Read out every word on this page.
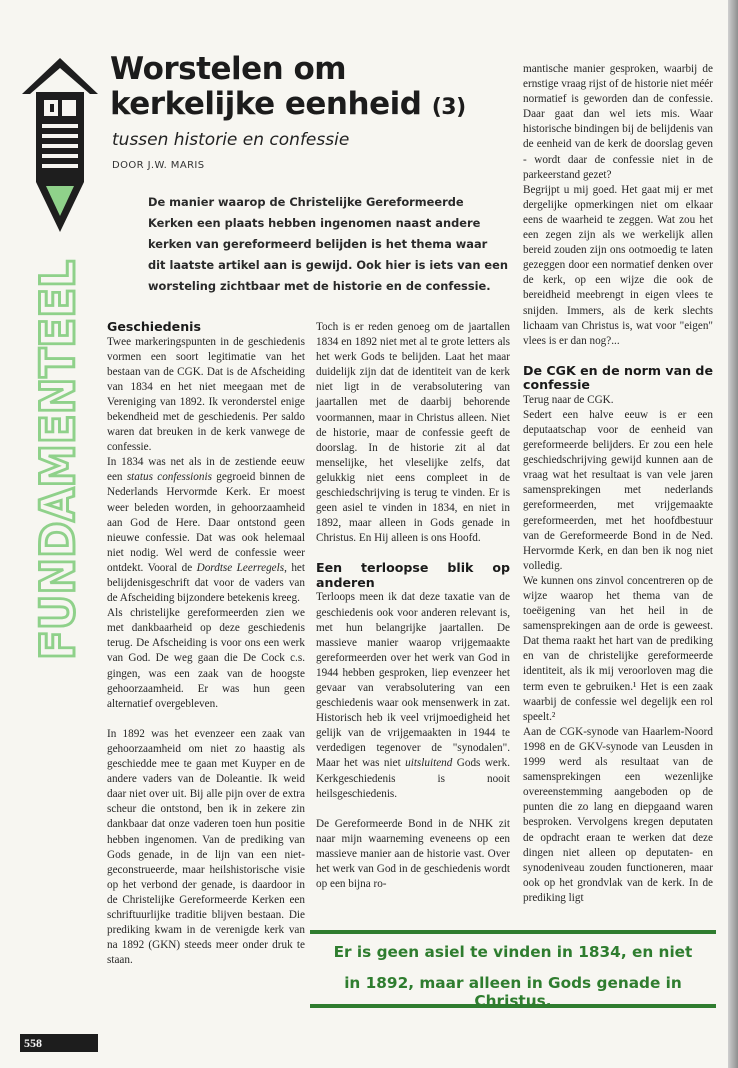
FUNDAMENTEEL
Worstelen om kerkelijke eenheid (3)
tussen historie en confessie
DOOR J.W. MARIS
De manier waarop de Christelijke Gereformeerde Kerken een plaats hebben ingenomen naast andere kerken van gereformeerd belijden is het thema waar dit laatste artikel aan is gewijd. Ook hier is iets van een worsteling zichtbaar met de historie en de confessie.
Geschiedenis

Twee markeringspunten in de geschiedenis vormen een soort legitimatie van het bestaan van de CGK. Dat is de Afscheiding van 1834 en het niet meegaan met de Vereniging van 1892. Ik veronderstel enige bekendheid met de geschiedenis. Per saldo waren dat breuken in de kerk vanwege de confessie.

In 1834 was net als in de zestiende eeuw een status confessionis gegroeid binnen de Nederlands Hervormde Kerk. Er moest weer beleden worden, in gehoorzaamheid aan God de Here. Daar ontstond geen nieuwe confessie. Dat was ook helemaal niet nodig. Wel werd de confessie weer ontdekt. Vooral de Dordtse Leerregels, het belijdenisgeschrift dat voor de vaders van de Afscheiding bijzondere betekenis kreeg.

Als christelijke gereformeerden zien we met dankbaarheid op deze geschiedenis terug. De Afscheiding is voor ons een werk van God. De weg gaan die De Cock c.s. gingen, was een zaak van de hoogste gehoorzaamheid. Er was hun geen alternatief overgebleven.

In 1892 was het evenzeer een zaak van gehoorzaamheid om niet zo haastig als geschiedde mee te gaan met Kuyper en de andere vaders van de Doleantie. Ik weid daar niet over uit. Bij alle pijn over de extra scheur die ontstond, ben ik in zekere zin dankbaar dat onze vaderen toen hun positie hebben ingenomen. Van de prediking van Gods genade, in de lijn van een niet-geconstrueerde, maar heilshistorische visie op het verbond der genade, is daardoor in de Christelijke Gereformeerde Kerken een schriftuurlijke traditie blijven bestaan. Die prediking kwam in de verenigde kerk van na 1892 (GKN) steeds meer onder druk te staan.

Toch is er reden genoeg om de jaartallen 1834 en 1892 niet met al te grote letters als het werk Gods te belijden. Laat het maar duidelijk zijn dat de identiteit van de kerk niet ligt in de verabsolutering van jaartallen met de daarbij behorende voormannen, maar in Christus alleen. Niet de historie, maar de confessie geeft de doorslag. In de historie zit al dat menselijke, het vleselijke zelfs, dat gelukkig niet eens compleet in de geschiedschrijving is terug te vinden. Er is geen asiel te vinden in 1834, en niet in 1892, maar alleen in Gods genade in Christus. En Hij alleen is ons Hoofd.

Een terloopse blik op anderen

Terloops meen ik dat deze taxatie van de geschiedenis ook voor anderen relevant is, met hun belangrijke jaartallen. De massieve manier waarop vrijgemaakte gereformeerden over het werk van God in 1944 hebben gesproken, liep evenzeer het gevaar van verabsolutering van een geschiedenis waar ook mensenwerk in zat. Historisch heb ik veel vrijmoedigheid het gelijk van de vrijgemaakten in 1944 te verdedigen tegenover de "synodalen". Maar het was niet uitsluitend Gods werk. Kerkgeschiedenis is nooit heilsgeschiedenis.

De Gereformeerde Bond in de NHK zit naar mijn waarneming eveneens op een massieve manier aan de historie vast. Over het werk van God in de geschiedenis wordt op een bijna ro-

mantische manier gesproken, waarbij de ernstige vraag rijst of de historie niet méér normatief is geworden dan de confessie. Daar gaat dan wel iets mis. Waar historische bindingen bij de belijdenis van de eenheid van de kerk de doorslag geven - wordt daar de confessie niet in de parkeerstand gezet?

Begrijpt u mij goed. Het gaat mij er met dergelijke opmerkingen niet om elkaar eens de waarheid te zeggen. Wat zou het een zegen zijn als we werkelijk allen bereid zouden zijn ons ootmoedig te laten gezeggen door een normatief denken over de kerk, op een wijze die ook de bereidheid meebrengt in eigen vlees te snijden. Immers, als de kerk slechts lichaam van Christus is, wat voor "eigen" vlees is er dan nog?...

De CGK en de norm van de confessie

Terug naar de CGK.

Sedert een halve eeuw is er een deputaatschap voor de eenheid van gereformeerde belijders. Er zou een hele geschiedschrijving gewijd kunnen aan de vraag wat het resultaat is van vele jaren samensprekingen met nederlands gereformeerden, met vrijgemaakte gereformeerden, met het hoofdbestuur van de Gereformeerde Bond in de Ned. Hervormde Kerk, en dan ben ik nog niet volledig.

We kunnen ons zinvol concentreren op de wijze waarop het thema van de toeëigening van het heil in de samensprekingen aan de orde is geweest. Dat thema raakt het hart van de prediking en van de christelijke gereformeerde identiteit, als ik mij veroorloven mag die term even te gebruiken.¹ Het is een zaak waarbij de confessie wel degelijk een rol speelt.²

Aan de CGK-synode van Haarlem-Noord 1998 en de GKV-synode van Leusden in 1999 werd als resultaat van de samensprekingen een wezenlijke overeenstemming aangeboden op de punten die zo lang en diepgaand waren besproken. Vervolgens kregen deputaten de opdracht eraan te werken dat deze dingen niet alleen op deputaten- en synodeniveau zouden functioneren, maar ook op het grondvlak van de kerk. In de prediking ligt

Er is geen asiel te vinden in 1834, en niet
in 1892, maar alleen in Gods genade in Christus.
558
